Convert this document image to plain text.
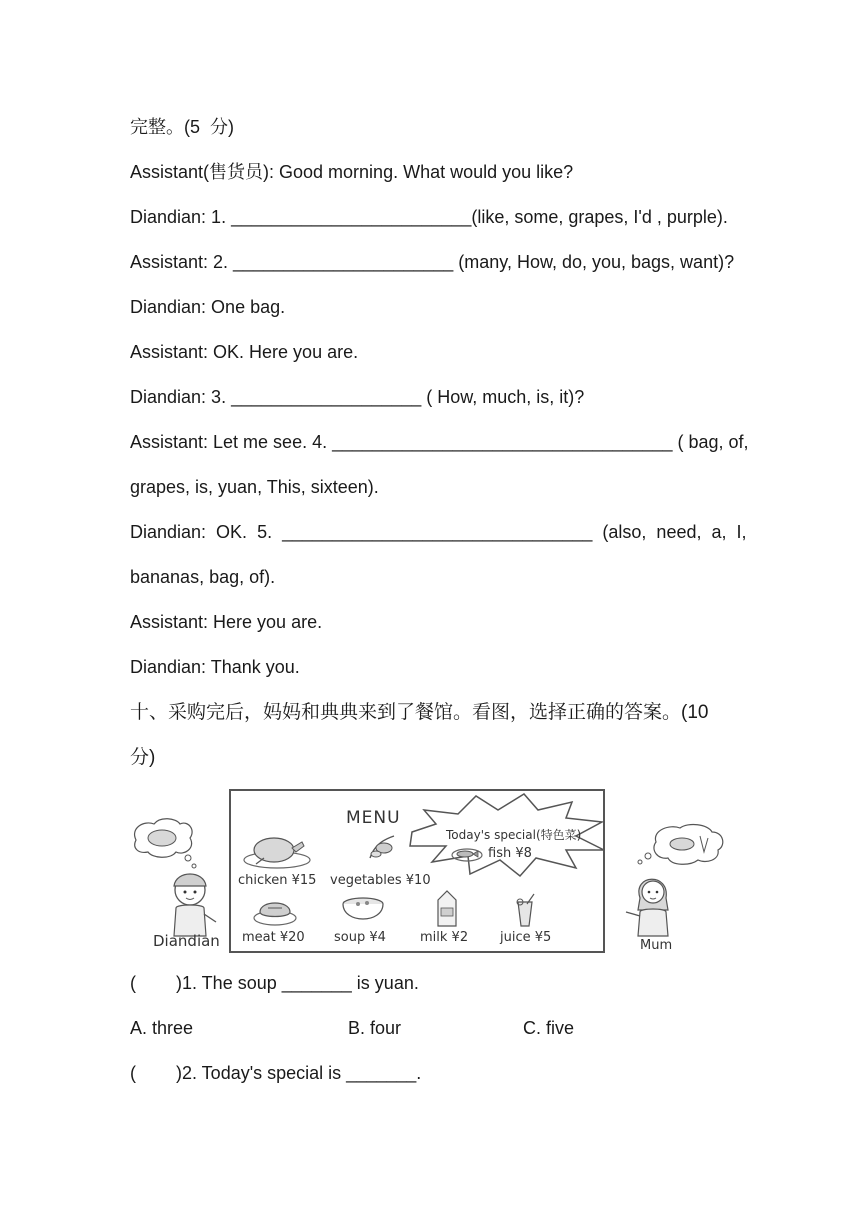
完整。(5  分)
Assistant(售货员): Good morning. What would you like?
Diandian: 1. ________________________(like, some, grapes, I'd , purple).
Assistant: 2. ______________________ (many, How, do, you, bags, want)?
Diandian: One bag.
Assistant: OK. Here you are.
Diandian: 3. ___________________ ( How, much, is, it)?
Assistant: Let me see. 4. __________________________________ ( bag, of,
grapes, is, yuan, This, sixteen).
Diandian:  OK.  5.  _______________________________  (also,  need,  a,  I,
bananas, bag, of).
Assistant: Here you are.
Diandian: Thank you.
十、采购完后，妈妈和典典来到了餐馆。看图，选择正确的答案。(10
分)
MENU
Today's special(特色菜)
fish ¥8
chicken ¥15 vegetables ¥10
meat ¥20 soup ¥4	milk ¥2 juice ¥5
Diandian	Mum
(        )1. The soup _______ is yuan.
A. three	B. four	C. five
(        )2. Today's special is _______.
